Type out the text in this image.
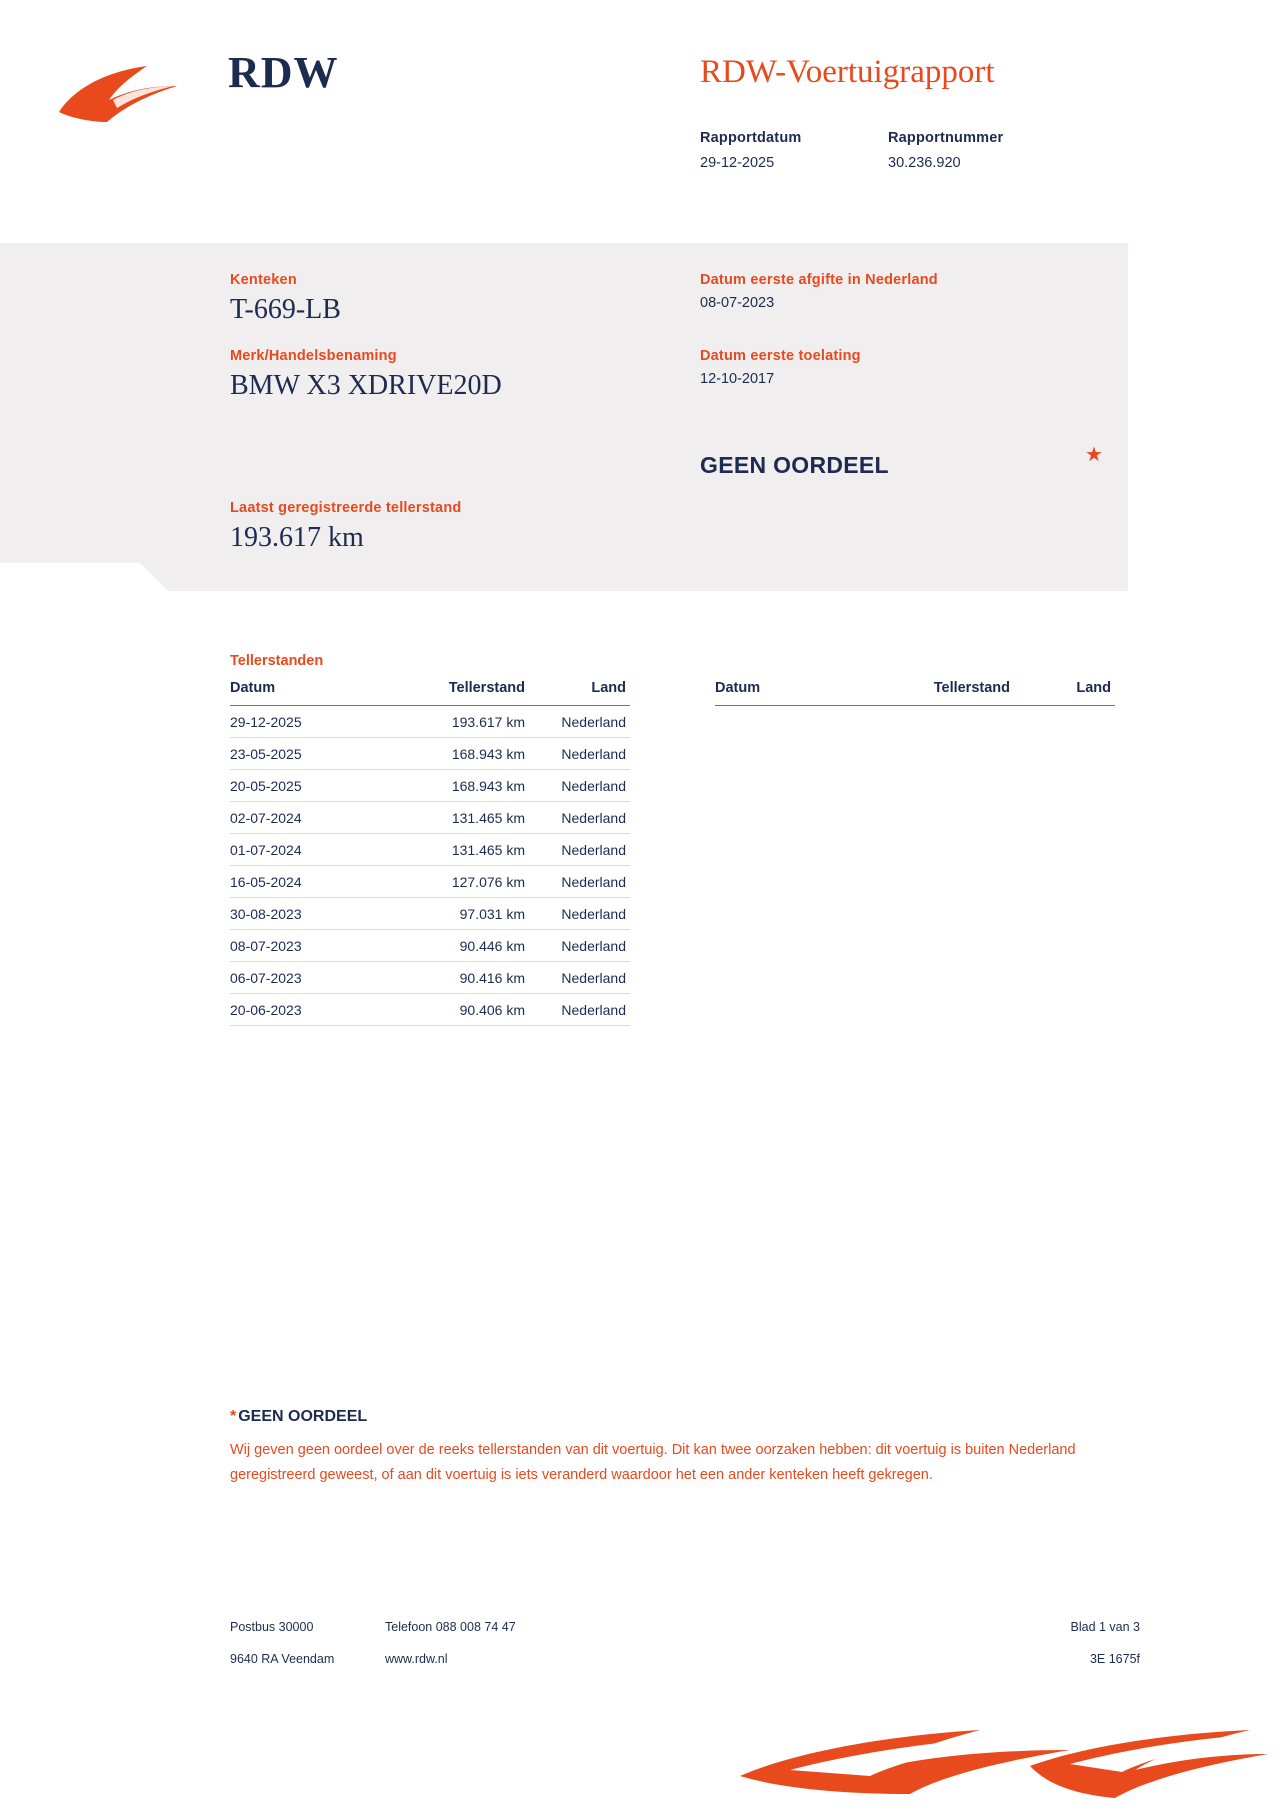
RDW	RDW-Voertuigrapport
Rapportdatum
29-12-2025
Rapportnummer
30.236.920
Kenteken
T-669-LB
Merk/Handelsbenaming
BMW X3 XDRIVE20D
Laatst geregistreerde tellerstand
193.617 km
Datum eerste afgifte in Nederland
08-07-2023
Datum eerste toelating
12-10-2017
GEEN OORDEEL	★
Tellerstanden
Datum	Tellerstand	Land
29-12-2025	193.617 km	Nederland
23-05-2025	168.943 km	Nederland
20-05-2025	168.943 km	Nederland
02-07-2024	131.465 km	Nederland
01-07-2024	131.465 km	Nederland
16-05-2024	127.076 km	Nederland
30-08-2023	97.031 km	Nederland
08-07-2023	90.446 km	Nederland
06-07-2023	90.416 km	Nederland
20-06-2023	90.406 km	Nederland
Datum	Tellerstand	Land

* GEEN OORDEEL
Wij geven geen oordeel over de reeks tellerstanden van dit voertuig. Dit kan twee oorzaken hebben: dit voertuig is buiten Nederland geregistreerd geweest, of aan dit voertuig is iets veranderd waardoor het een ander kenteken heeft gekregen.
Postbus 30000
9640 RA Veendam
Telefoon 088 008 74 47
www.rdw.nl
Blad 1 van 3
3E 1675f
